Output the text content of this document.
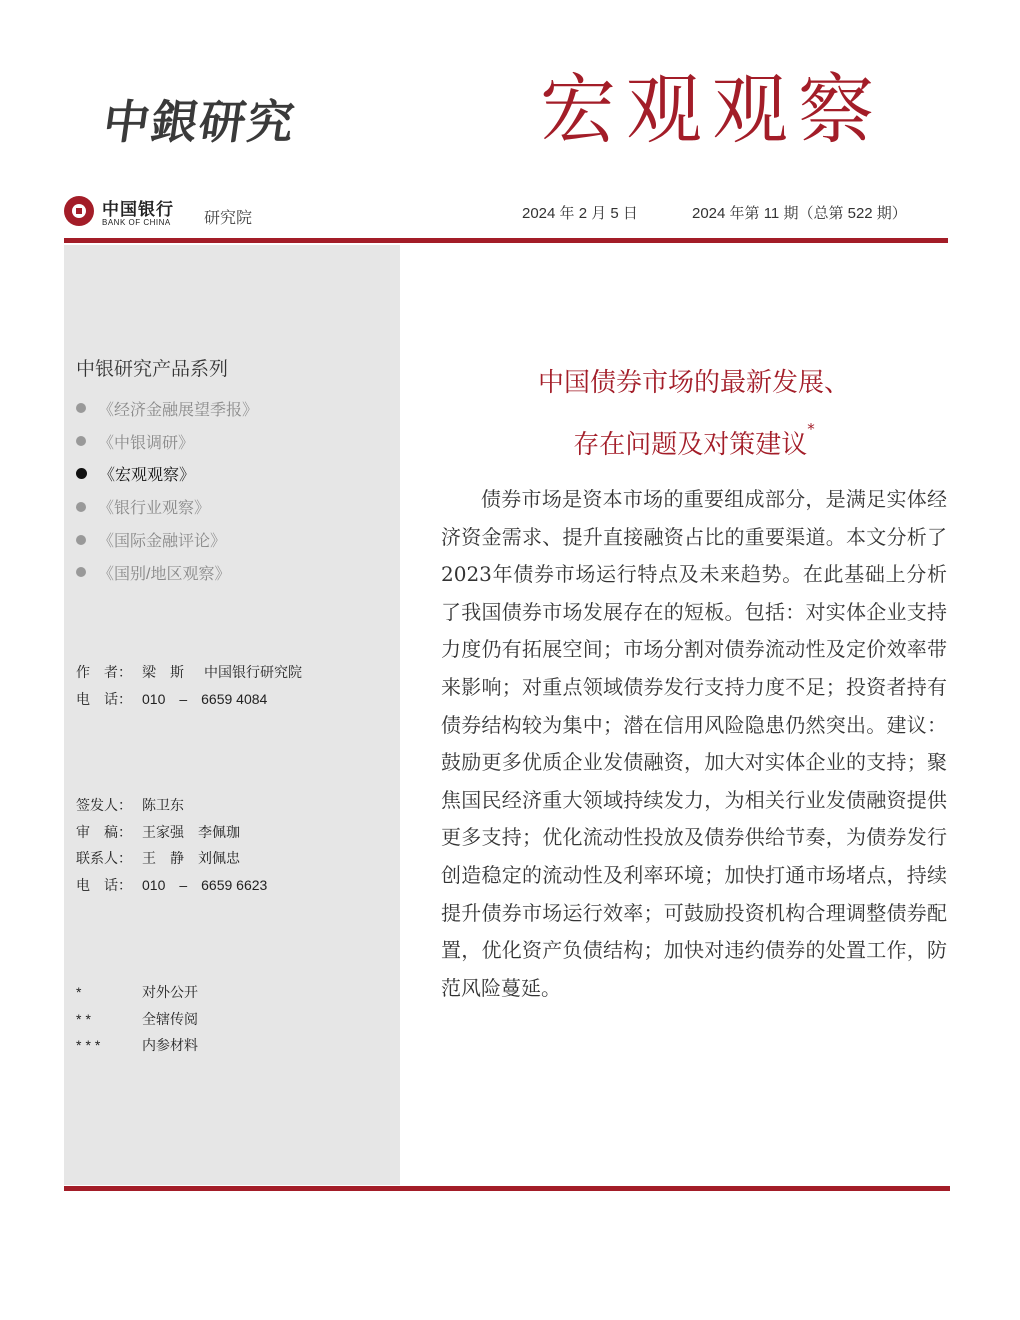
中銀研究	宏观观察
中国银行
BANK OF CHINA 研究院	2024 年 2 月 5 日	2024 年第 11 期（总第 522 期）
中银研究产品系列
《经济金融展望季报》
《中银调研》
《宏观观察》
《银行业观察》
《国际金融评论》
《国别/地区观察》
作　者： 梁　斯 中国银行研究院
电　话： 010　–　6659 4084
签发人： 陈卫东
审　稿： 王家强　李佩珈
联系人： 王　静　刘佩忠
电　话： 010　–　6659 6623
*	对外公开
**	全辖传阅
***	内参材料
中国债券市场的最新发展、
存在问题及对策建议*

债券市场是资本市场的重要组成部分，是满足实体经济资金需求、提升直接融资占比的重要渠道。本文分析了2023年债券市场运行特点及未来趋势。在此基础上分析了我国债券市场发展存在的短板。包括：对实体企业支持力度仍有拓展空间；市场分割对债券流动性及定价效率带来影响；对重点领域债券发行支持力度不足；投资者持有债券结构较为集中；潜在信用风险隐患仍然突出。建议：鼓励更多优质企业发债融资，加大对实体企业的支持；聚焦国民经济重大领域持续发力，为相关行业发债融资提供更多支持；优化流动性投放及债券供给节奏，为债券发行创造稳定的流动性及利率环境；加快打通市场堵点，持续提升债券市场运行效率；可鼓励投资机构合理调整债券配置，优化资产负债结构；加快对违约债券的处置工作，防范风险蔓延。
